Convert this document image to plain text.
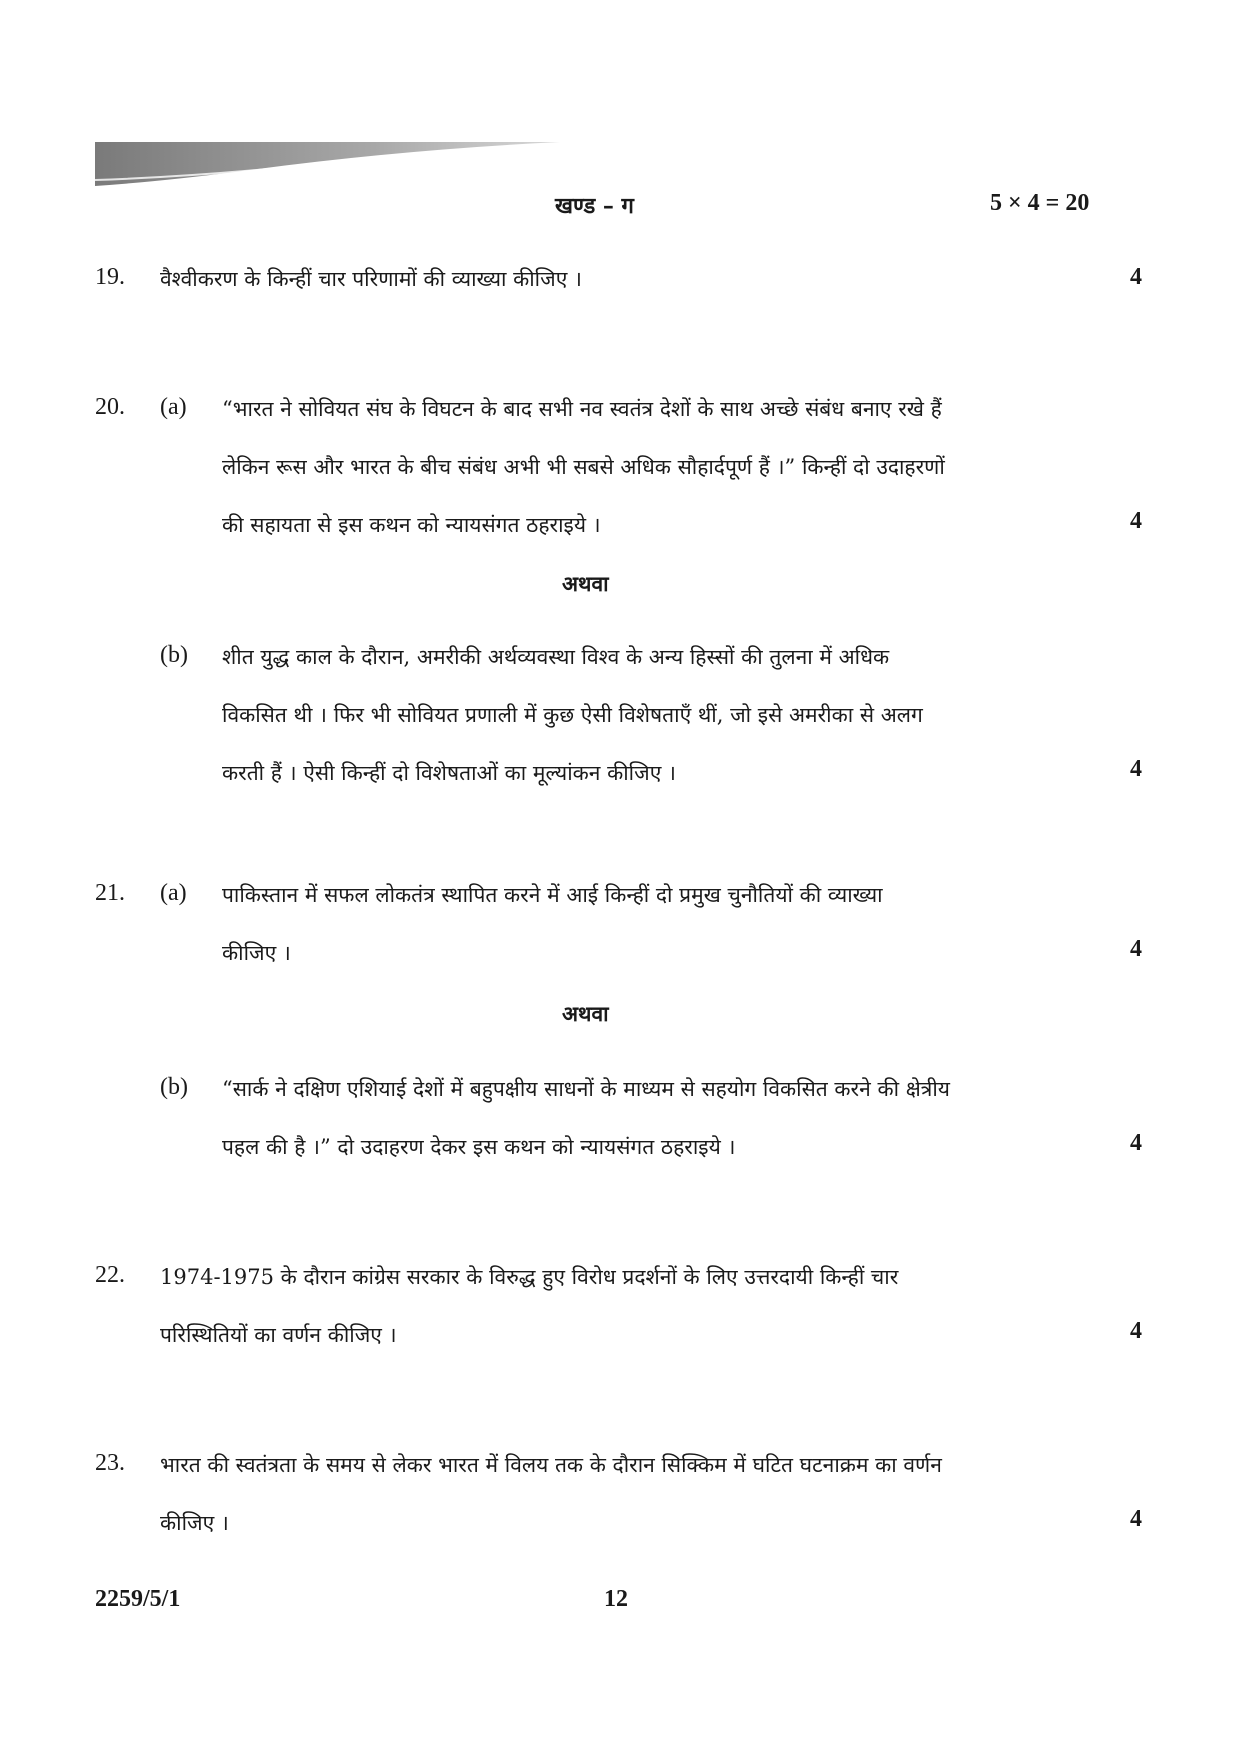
खण्ड – ग	5 × 4 = 20
19. वैश्वीकरण के किन्हीं चार परिणामों की व्याख्या कीजिए ।	4
20. (a) “भारत ने सोवियत संघ के विघटन के बाद सभी नव स्वतंत्र देशों के साथ अच्छे संबंध बनाए रखे हैं
लेकिन रूस और भारत के बीच संबंध अभी भी सबसे अधिक सौहार्दपूर्ण हैं ।” किन्हीं दो उदाहरणों
की सहायता से इस कथन को न्यायसंगत ठहराइये ।	4
अथवा
(b) शीत युद्ध काल के दौरान, अमरीकी अर्थव्यवस्था विश्व के अन्य हिस्सों की तुलना में अधिक
विकसित थी । फिर भी सोवियत प्रणाली में कुछ ऐसी विशेषताएँ थीं, जो इसे अमरीका से अलग
करती हैं । ऐसी किन्हीं दो विशेषताओं का मूल्यांकन कीजिए ।	4
21. (a) पाकिस्तान में सफल लोकतंत्र स्थापित करने में आई किन्हीं दो प्रमुख चुनौतियों की व्याख्या
कीजिए ।	4
अथवा
(b) “सार्क ने दक्षिण एशियाई देशों में बहुपक्षीय साधनों के माध्यम से सहयोग विकसित करने की क्षेत्रीय
पहल की है ।” दो उदाहरण देकर इस कथन को न्यायसंगत ठहराइये ।	4
22. 1974-1975 के दौरान कांग्रेस सरकार के विरुद्ध हुए विरोध प्रदर्शनों के लिए उत्तरदायी किन्हीं चार
परिस्थितियों का वर्णन कीजिए ।	4
23. भारत की स्वतंत्रता के समय से लेकर भारत में विलय तक के दौरान सिक्किम में घटित घटनाक्रम का वर्णन
कीजिए ।	4
2259/5/1	12
